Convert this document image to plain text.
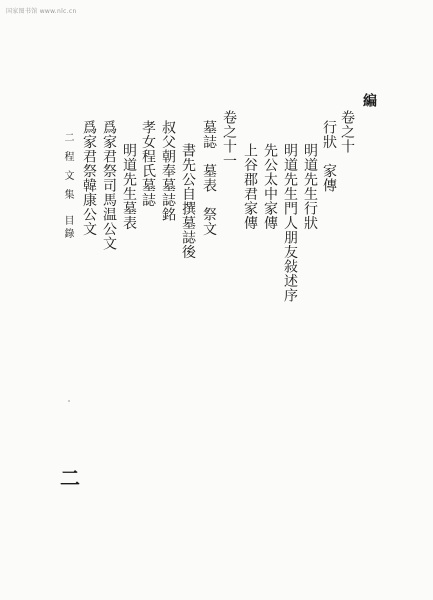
国家图书馆 www.nlc.cn
編
卷之十
行狀　家傳
明道先生行狀
明道先生門人朋友敍述序
先公太中家傳
上谷郡君家傳
卷之十一
墓誌　墓表　祭文
書先公自撰墓誌後
叔父朝奉墓誌銘
孝女程氏墓誌
明道先生墓表
爲家君祭司馬温公文
爲家君祭韓康公文
二程文集
目錄
二
